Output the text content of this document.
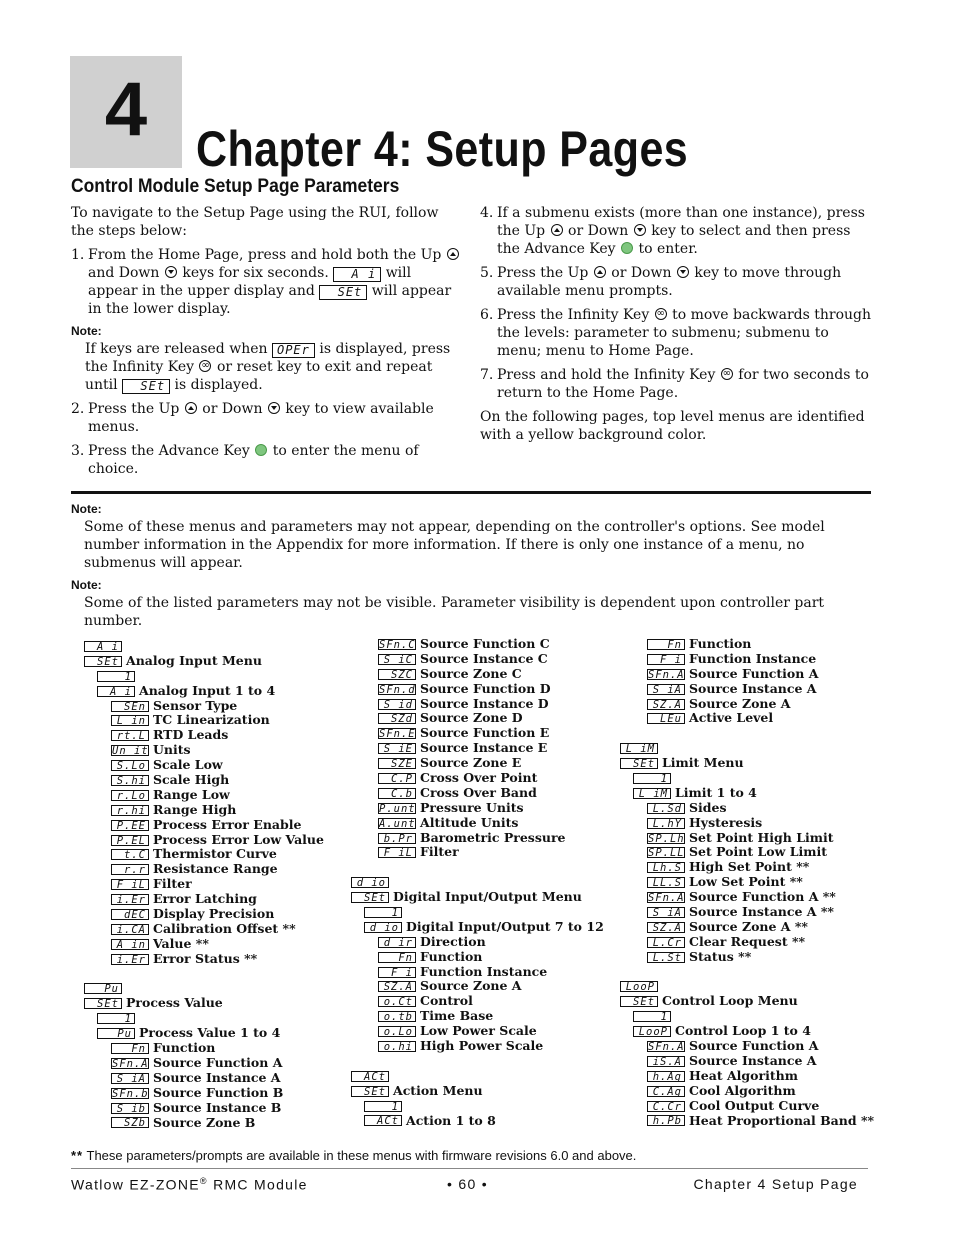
4 Chapter 4: Setup Pages
Control Module Setup Page Parameters

To navigate to the Setup Page using the RUI, follow the steps below:

1. From the Home Page, press and hold both the Up  and Down keys for six seconds. A i will appear in the upper display and SEt will appear in the lower display.
Note:
If keys are released when OPEr is displayed, press the Infinity Key ∞ or reset key to exit and repeat until SEt is displayed.
2. Press the Up or Down key to view available menus.
3. Press the Advance Key to enter the menu of choice.
4. If a submenu exists (more than one instance), press the Up or Down key to select and then press the Advance Key to enter.
5. Press the Up or Down key to move through available menu prompts.
6. Press the Infinity Key ∞ to move backwards through the levels: parameter to submenu; submenu to menu; menu to Home Page.
7. Press and hold the Infinity Key ∞ for two seconds to return to the Home Page.

On the following pages, top level menus are identified with a yellow background color.

Note:
Some of these menus and parameters may not appear, depending on the controller's options. See model number information in the Appendix for more information. If there is only one instance of a menu, no submenus will appear.
Note:
Some of the listed parameters may not be visible. Parameter visibility is dependent upon controller part number.
A i
SEt Analog Input Menu
1
A i Analog Input 1 to 4
SEn Sensor Type
L in TC Linearization
rt.L RTD Leads
Un it Units
S.Lo Scale Low
S.hi Scale High
r.Lo Range Low
r.hi Range High
P.EE Process Error Enable
P.EL Process Error Low Value
t.C Thermistor Curve
r.r Resistance Range
F iL Filter
i.Er Error Latching
dEC Display Precision
i.CA Calibration Offset **
A in Value **
i.Er Error Status **
Pu
SEt Process Value
1
Pu Process Value 1 to 4
Fn Function
SFn.A Source Function A
S iA Source Instance A
SFn.b Source Function B
S ib Source Instance B
SZb Source Zone B
SFn.C Source Function C
S iC Source Instance C
SZC Source Zone C
SFn.d Source Function D
S id Source Instance D
SZd Source Zone D
SFn.E Source Function E
S iE Source Instance E
SZE Source Zone E
C.P Cross Over Point
C.b Cross Over Band
P.unt Pressure Units
A.unt Altitude Units
b.Pr Barometric Pressure
F iL Filter
d io
SEt Digital Input/Output Menu
1
d io Digital Input/Output 7 to 12
d ir Direction
Fn Function
F i Function Instance
SZ.A Source Zone A
o.Ct Control
o.tb Time Base
o.Lo Low Power Scale
o.hi High Power Scale
ACt
SEt Action Menu
1
ACt Action 1 to 8
Fn Function
F i Function Instance
SFn.A Source Function A
S iA Source Instance A
SZ.A Source Zone A
LEu Active Level
L iM
SEt Limit Menu
1
L iM Limit 1 to 4
L.Sd Sides
L.hY Hysteresis
SP.Lh Set Point High Limit
SP.LL Set Point Low Limit
Lh.S High Set Point **
LL.S Low Set Point **
SFn.A Source Function A **
S iA Source Instance A **
SZ.A Source Zone A **
L.Cr Clear Request **
L.St Status **
LooP
SEt Control Loop Menu
1
LooP Control Loop 1 to 4
SFn.A Source Function A
iS.A Source Instance A
h.Ag Heat Algorithm
C.Ag Cool Algorithm
C.Cr Cool Output Curve
h.Pb Heat Proportional Band **
** These parameters/prompts are available in these menus with firmware revisions 6.0 and above.
Watlow EZ-ZONE® RMC Module	• 60 •	Chapter 4 Setup Page
